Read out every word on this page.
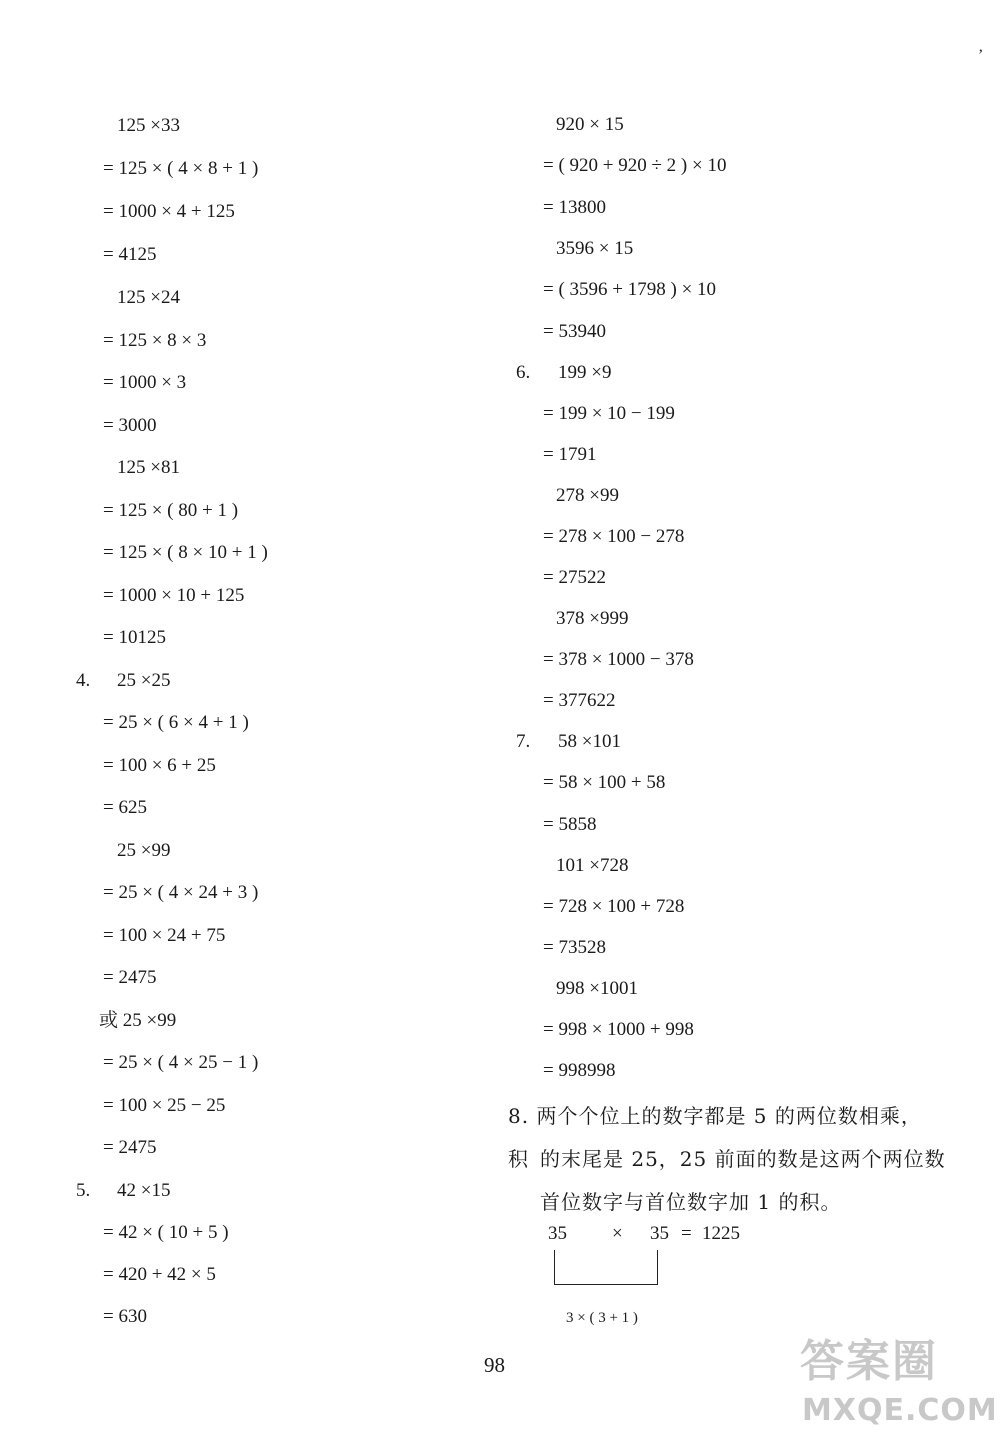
ʼ
125 ×33
= 125 × ( 4 × 8 + 1 )
= 1000 × 4 + 125
= 4125
125 ×24
= 125 × 8 × 3
= 1000 × 3
= 3000
125 ×81
= 125 × ( 80 + 1 )
= 125 × ( 8 × 10 + 1 )
= 1000 × 10 + 125
= 10125
4. 25 ×25
= 25 × ( 6 × 4 + 1 )
= 100 × 6 + 25
= 625
25 ×99
= 25 × ( 4 × 24 + 3 )
= 100 × 24 + 75
= 2475
或 25 ×99
= 25 × ( 4 × 25 − 1 )
= 100 × 25 − 25
= 2475
5. 42 ×15
= 42 × ( 10 + 5 )
= 420 + 42 × 5
= 630
920 × 15
= ( 920 + 920 ÷ 2 ) × 10
= 13800
3596 × 15
= ( 3596 + 1798 ) × 10
= 53940
6. 199 ×9
= 199 × 10 − 199
= 1791
278 ×99
= 278 × 100 − 278
= 27522
378 ×999
= 378 × 1000 − 378
= 377622
7. 58 ×101
= 58 × 100 + 58
= 5858
101 ×728
= 728 × 100 + 728
= 73528
998 ×1001
= 998 × 1000 + 998
= 998998
8. 两个个位上的数字都是 5 的两位数相乘，积 的末尾是 25，25 前面的数是这两个两位数
首位数字与首位数字加 1 的积。
35 × 35 = 1225
3 × ( 3 + 1 )
98	答案圈
MXQE.COM
